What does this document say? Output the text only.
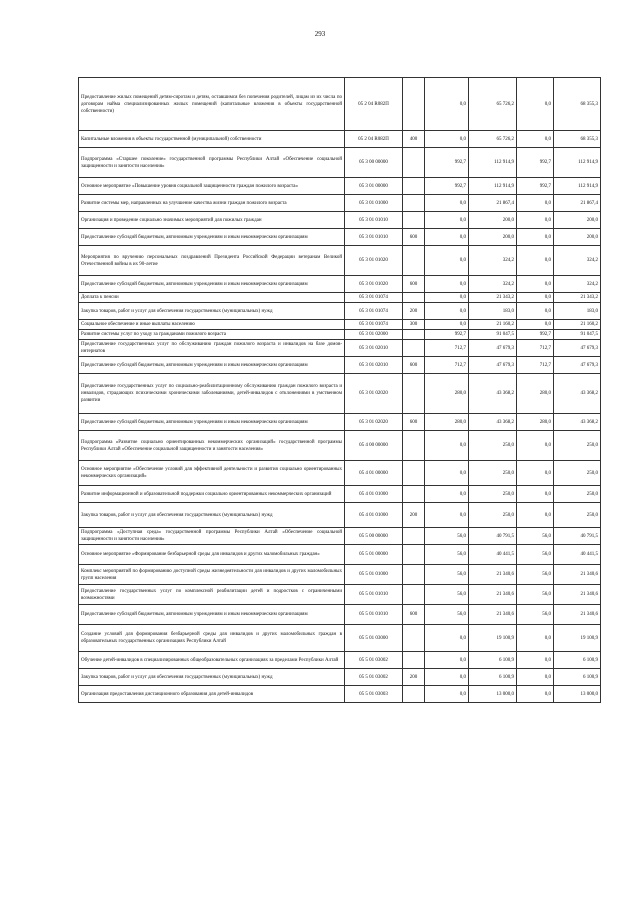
293
Предоставление жилых помещений детям-сиротам и детям, оставшимся без попечения родителей, лицам из их числа по договорам найма специализированных жилых помещений (капитальные вложения в объекты государственной собственности)	05 2 04 R082П		0,0	65 726,2	0,0	68 355,3
Капитальные вложения в объекты государственной (муниципальной) собственности	05 2 04 R082П	400	0,0	65 726,2	0,0	68 355,3
Подпрограмма «Старшее поколение» государственной программы Республики Алтай «Обеспечение социальной защищенности и занятости населения»	05 3 00 00000		992,7	112 914,9	992,7	112 914,9
Основное мероприятие «Повышение уровня социальной защищенности граждан пожилого возраста»	05 3 01 00000		992,7	112 914,9	992,7	112 914,9
Развитие системы мер, направленных на улучшение качества жизни граждан пожилого возраста	05 3 01 01000		0,0	21 867,4	0,0	21 867,4
Организация и проведение социально значимых мероприятий для пожилых граждан	05 3 01 01010		0,0	200,0	0,0	200,0
Предоставление субсидий бюджетным, автономным учреждениям и иным некоммерческим организациям	05 3 01 01010	600	0,0	200,0	0,0	200,0
Мероприятия по вручению персональных поздравлений Президента Российской Федерации ветеранам Великой Отечественной войны в их 90-летие	05 3 01 01020		0,0	324,2	0,0	324,2
Предоставление субсидий бюджетным, автономным учреждениям и иным некоммерческим организациям	05 3 01 01020	600	0,0	324,2	0,0	324,2
Доплата к пенсии	05 3 01 01074		0,0	21 343,2	0,0	21 343,2
Закупка товаров, работ и услуг для обеспечения государственных (муниципальных) нужд	05 3 01 01074	200	0,0	183,0	0,0	183,0
Социальное обеспечение и иные выплаты населению	05 3 01 01074	300	0,0	21 160,2	0,0	21 160,2
Развитие системы услуг по уходу за гражданами пожилого возраста	05 3 01 02000		992,7	91 047,5	992,7	91 047,5
Предоставление государственных услуг по обслуживанию граждан пожилого возраста и инвалидов на базе домов-интернатов	05 3 01 02010		712,7	47 679,3	712,7	47 679,3
Предоставление субсидий бюджетным, автономным учреждениям и иным некоммерческим организациям	05 3 01 02010	600	712,7	47 679,3	712,7	47 679,3
Предоставление государственных услуг по социально-реабилитационному обслуживанию граждан пожилого возраста и инвалидов, страдающих психическими хроническими заболеваниями, детей-инвалидов с отклонениями в умственном развитии	05 3 01 02020		280,0	43 368,2	280,0	43 368,2
Предоставление субсидий бюджетным, автономным учреждениям и иным некоммерческим организациям	05 3 01 02020	600	280,0	43 368,2	280,0	43 368,2
Подпрограмма «Развитие социально ориентированных некоммерческих организаций» государственной программы Республики Алтай «Обеспечение социальной защищенности и занятости населения»	05 4 00 00000		0,0	250,0	0,0	250,0
Основное мероприятие «Обеспечение условий для эффективной деятельности и развития социально ориентированных некоммерческих организаций»	05 4 01 00000		0,0	250,0	0,0	250,0
Развитие информационной и образовательной поддержки социально ориентированных некоммерческих организаций	05 4 01 01000		0,0	250,0	0,0	250,0
Закупка товаров, работ и услуг для обеспечения государственных (муниципальных) нужд	05 4 01 01000	200	0,0	250,0	0,0	250,0
Подпрограмма «Доступная среда» государственной программы Республики Алтай «Обеспечение социальной защищенности и занятости населения»	05 5 00 00000		56,0	40 791,5	56,0	40 791,5
Основное мероприятие «Формирование безбарьерной среды для инвалидов и других маломобильных граждан»	05 5 01 00000		56,0	40 441,5	56,0	40 441,5
Комплекс мероприятий по формированию доступной среды жизнедеятельности для инвалидов и других маломобильных групп населения	05 5 01 01000		56,0	21 340,6	56,0	21 340,6
Предоставление государственных услуг по комплексной реабилитации детей и подростков с ограниченными возможностями	05 5 01 01010		56,0	21 340,6	56,0	21 340,6
Предоставление субсидий бюджетным, автономным учреждениям и иным некоммерческим организациям	05 5 01 01010	600	56,0	21 340,6	56,0	21 340,6
Создание условий для формирования безбарьерной среды для инвалидов и других маломобильных граждан в образовательных государственных организациях Республики Алтай	05 5 01 03000		0,0	19 100,9	0,0	19 100,9
Обучение детей-инвалидов в специализированных общеобразовательных организациях за пределами Республики Алтай	05 5 01 03002		0,0	6 100,9	0,0	6 100,9
Закупка товаров, работ и услуг для обеспечения государственных (муниципальных) нужд	05 5 01 03002	200	0,0	6 100,9	0,0	6 100,9
Организация предоставления дистанционного образования для детей-инвалидов	05 5 01 03003		0,0	13 000,0	0,0	13 000,0
